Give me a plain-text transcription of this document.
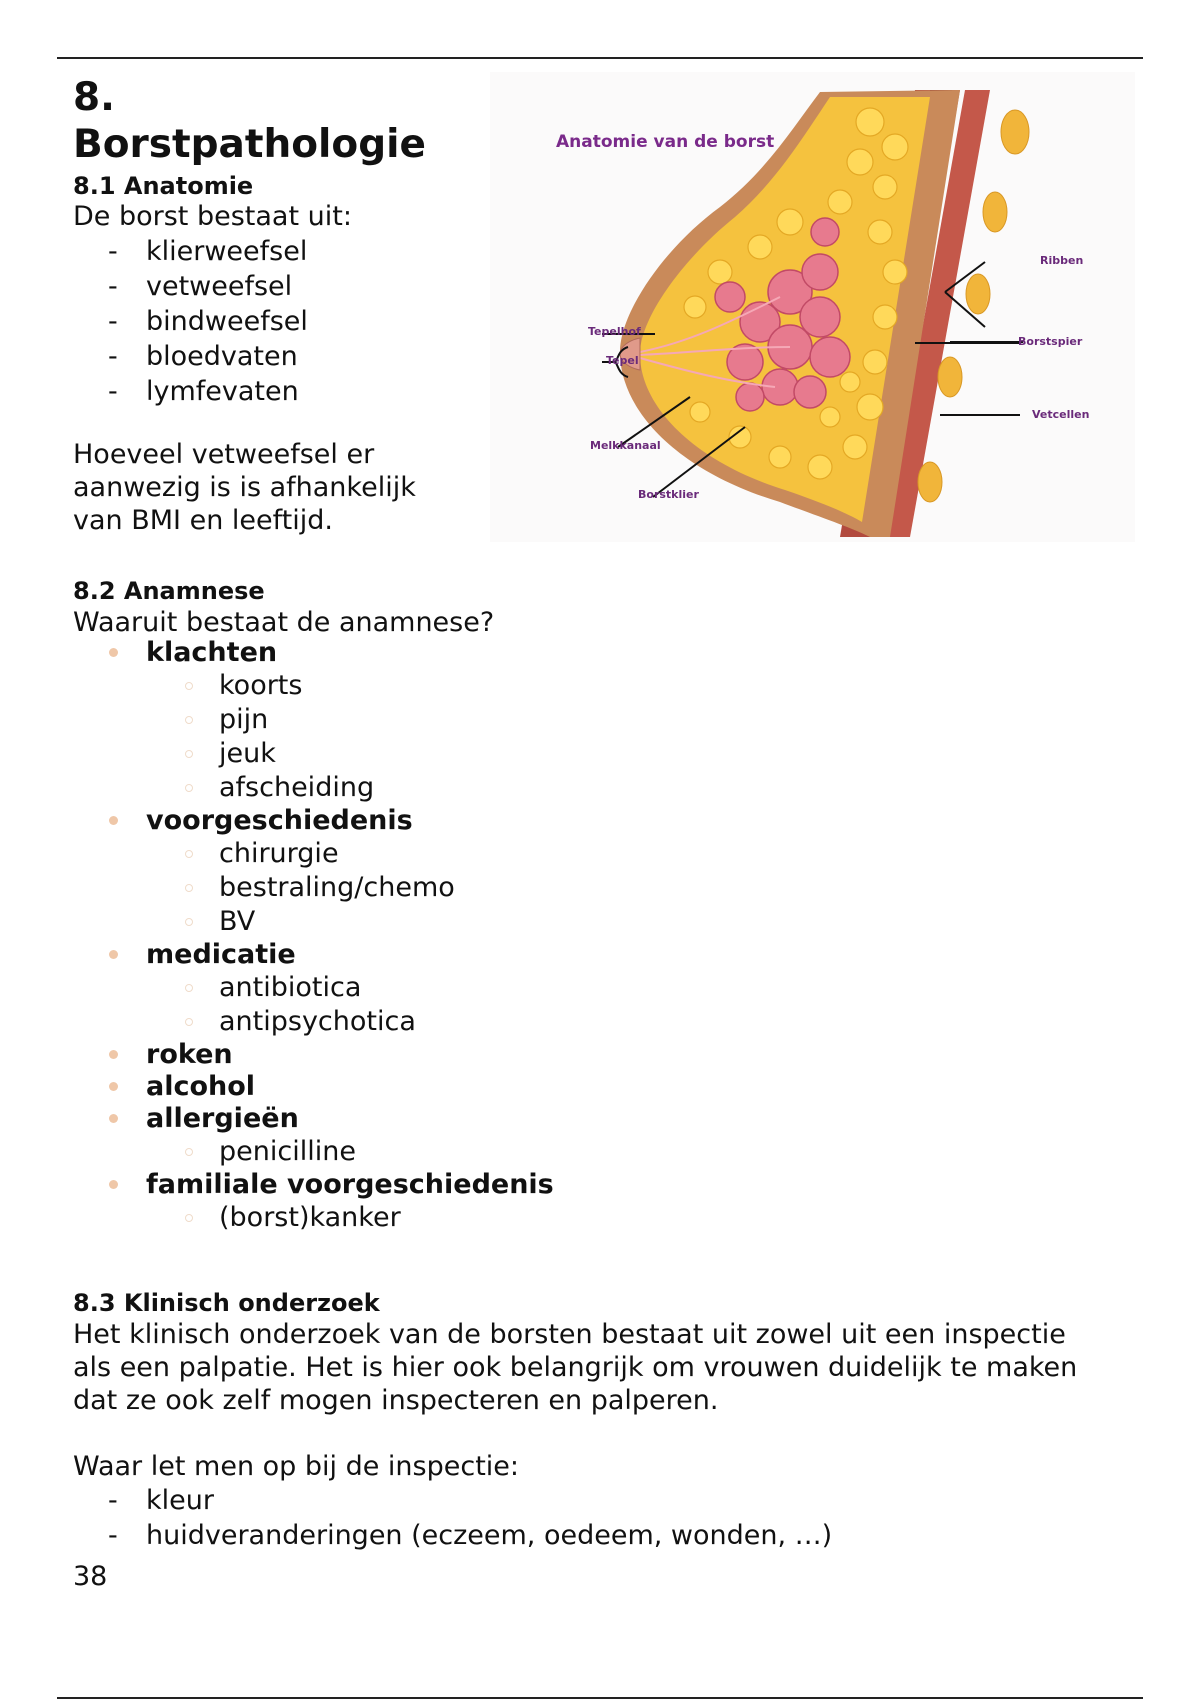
8.
Borstpathologie
8.1 Anatomie

De borst bestaat uit:

- klierweefsel
- vetweefsel
- bindweefsel
- bloedvaten
- lymfevaten

Hoeveel vetweefsel er
aanwezig is is afhankelijk
van BMI en leeftijd.

Anatomie van de borst
Tepelhof
Tepel
Melkkanaal
Borstklier
Ribben
Borstspier
Vetcellen
8.2 Anamnese

Waaruit bestaat de anamnese?

klachten
koorts
pijn
jeuk
afscheiding
voorgeschiedenis
chirurgie
bestraling/chemo
BV
medicatie
antibiotica
antipsychotica
roken
alcohol
allergieën
penicilline
familiale voorgeschiedenis
(borst)kanker
8.3 Klinisch onderzoek

Het klinisch onderzoek van de borsten bestaat uit zowel uit een inspectie
als een palpatie. Het is hier ook belangrijk om vrouwen duidelijk te maken
dat ze ook zelf mogen inspecteren en palperen.

Waar let men op bij de inspectie:

- kleur
- huidveranderingen (eczeem, oedeem, wonden, …)
38
